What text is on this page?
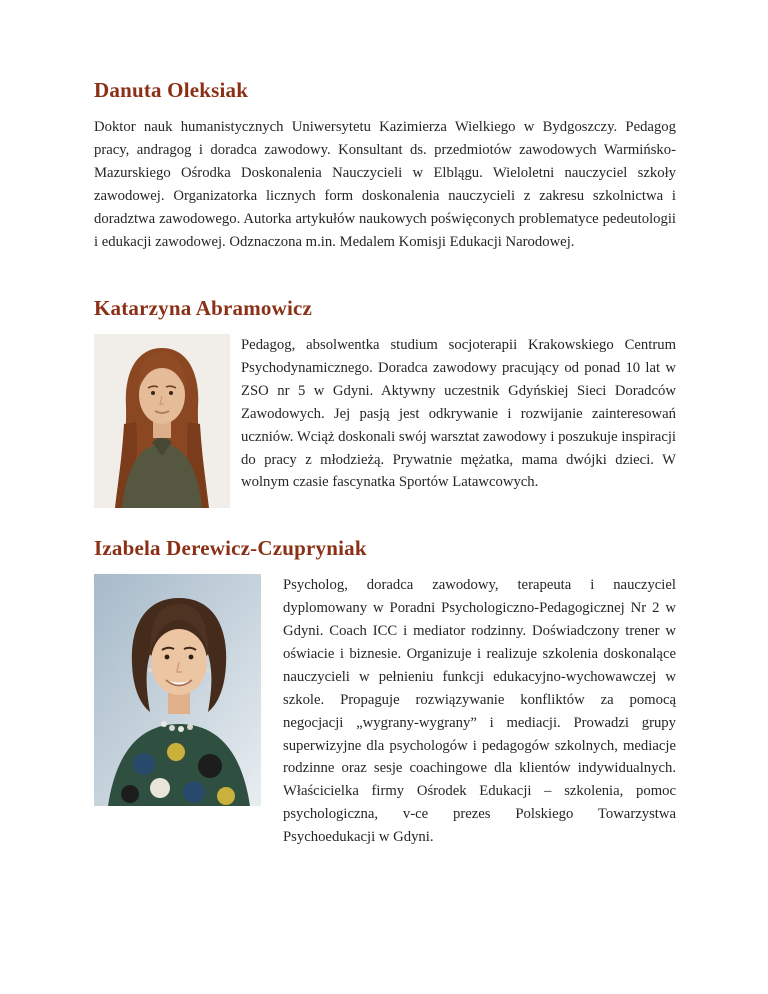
Danuta Oleksiak

Doktor nauk humanistycznych Uniwersytetu Kazimierza Wielkiego w Bydgoszczy. Pedagog pracy, andragog i doradca zawodowy. Konsultant ds. przedmiotów zawodowych Warmińsko-Mazurskiego Ośrodka Doskonalenia Nauczycieli w Elblągu. Wieloletni nauczyciel szkoły zawodowej. Organizatorka licznych form doskonalenia nauczycieli z zakresu szkolnictwa i doradztwa zawodowego. Autorka artykułów naukowych poświęconych problematyce pedeutologii i edukacji zawodowej. Odznaczona m.in. Medalem Komisji Edukacji Narodowej.

Katarzyna Abramowicz

Pedagog, absolwentka studium socjoterapii Krakowskiego Centrum Psychodynamicznego. Doradca zawodowy pracujący od ponad 10 lat w ZSO nr 5 w Gdyni. Aktywny uczestnik Gdyńskiej Sieci Doradców Zawodowych. Jej pasją jest odkrywanie i rozwijanie zainteresowań uczniów. Wciąż doskonali swój warsztat zawodowy i poszukuje inspiracji do pracy z młodzieżą. Prywatnie mężatka, mama dwójki dzieci. W wolnym czasie fascynatka Sportów Latawcowych.

Izabela Derewicz-Czupryniak

Psycholog, doradca zawodowy, terapeuta i nauczyciel dyplomowany w Poradni Psychologiczno-Pedagogicznej Nr 2 w Gdyni. Coach ICC i mediator rodzinny. Doświadczony trener w oświacie i biznesie. Organizuje i realizuje szkolenia doskonalące nauczycieli w pełnieniu funkcji edukacyjno-wychowawczej w szkole. Propaguje rozwiązywanie konfliktów za pomocą negocjacji „wygrany-wygrany” i mediacji. Prowadzi grupy superwizyjne dla psychologów i pedagogów szkolnych, mediacje rodzinne oraz sesje coachingowe dla klientów indywidualnych. Właścicielka firmy Ośrodek Edukacji – szkolenia, pomoc psychologiczna, v-ce prezes Polskiego Towarzystwa Psychoedukacji w Gdyni.
